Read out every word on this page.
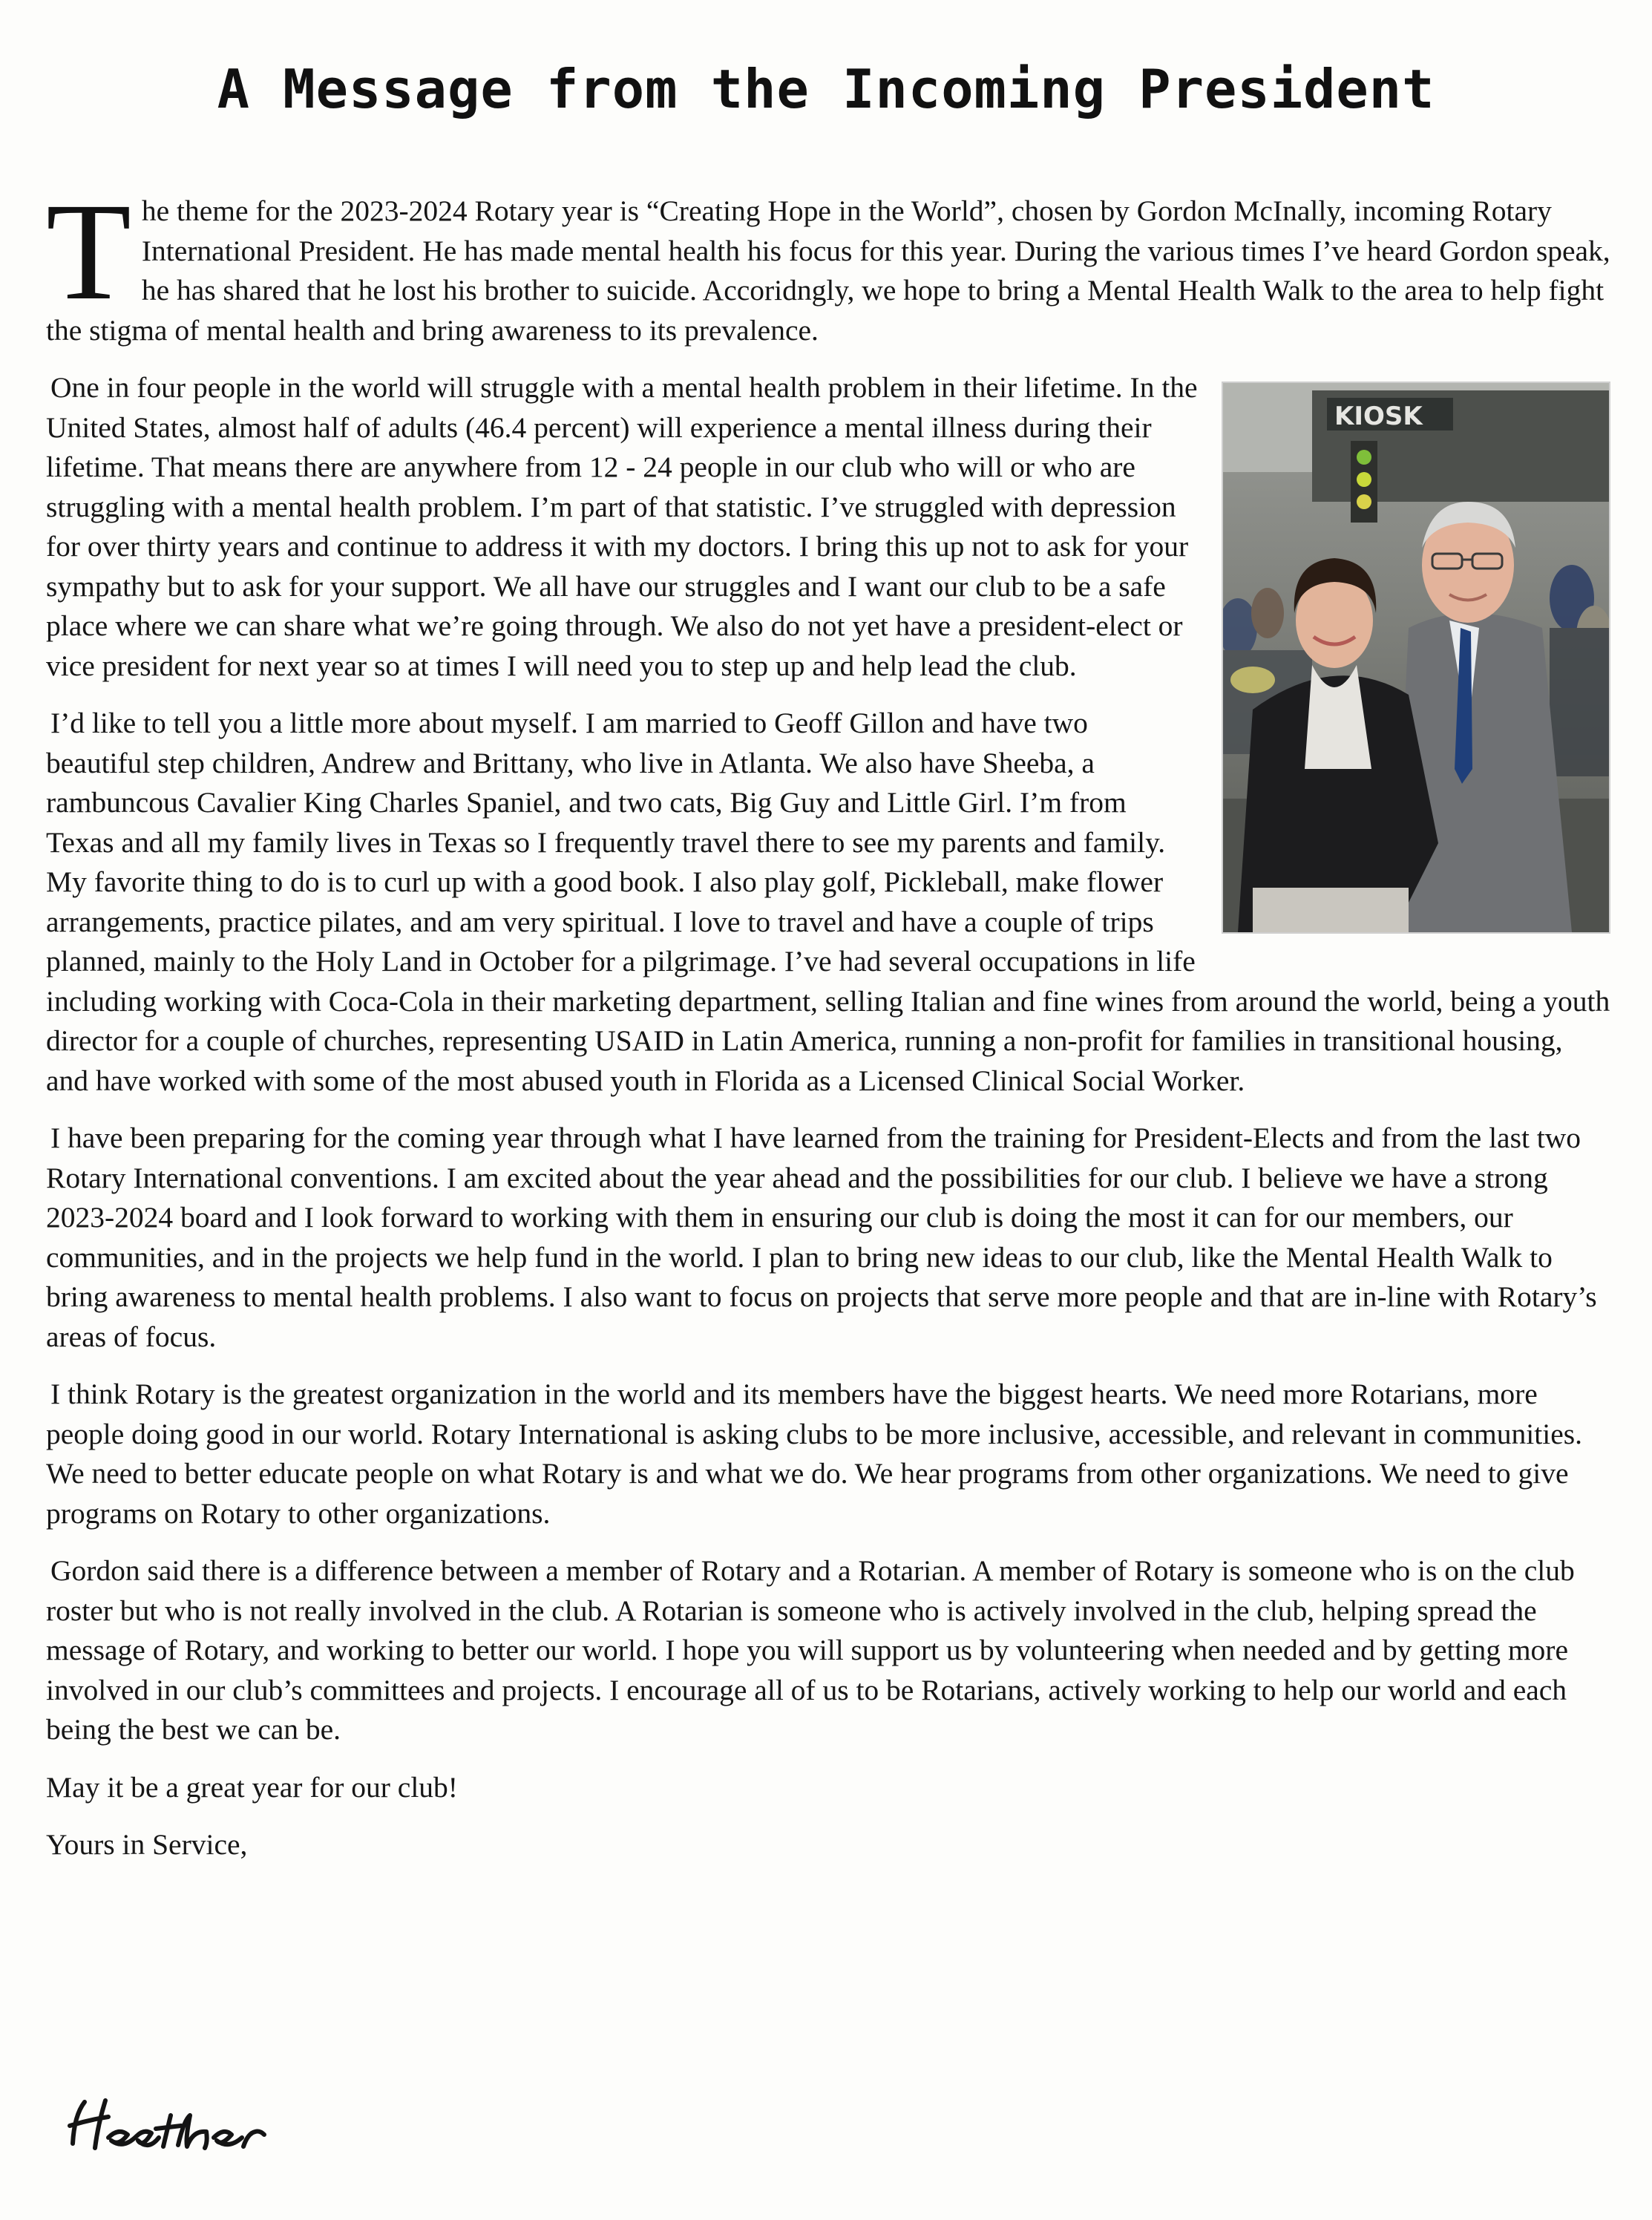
A Message from the Incoming President

The theme for the 2023-2024 Rotary year is “Creating Hope in the World”, chosen by Gordon McInally, incoming Rotary International President. He has made mental health his focus for this year. During the various times I’ve heard Gordon speak, he has shared that he lost his brother to suicide. Accoridngly, we hope to bring a Mental Health Walk to the area to help fight the stigma of mental health and bring awareness to its prevalence.

KIOSK
One in four people in the world will struggle with a mental health problem in their lifetime. In the United States, almost half of adults (46.4 percent) will experience a mental illness during their lifetime. That means there are anywhere from 12 - 24 people in our club who will or who are struggling with a mental health problem. I’m part of that statistic. I’ve struggled with depression for over thirty years and continue to address it with my doctors. I bring this up not to ask for your sympathy but to ask for your support. We all have our struggles and I want our club to be a safe place where we can share what we’re going through. We also do not yet have a president-elect or vice president for next year so at times I will need you to step up and help lead the club.

I’d like to tell you a little more about myself. I am married to Geoff Gillon and have two beautiful step children, Andrew and Brittany, who live in Atlanta. We also have Sheeba, a rambuncous Cavalier King Charles Spaniel, and two cats, Big Guy and Little Girl. I’m from Texas and all my family lives in Texas so I frequently travel there to see my parents and family. My favorite thing to do is to curl up with a good book. I also play golf, Pickleball, make flower arrangements, practice pilates, and am very spiritual. I love to travel and have a couple of trips planned, mainly to the Holy Land in October for a pilgrimage. I’ve had several occupations in life including working with Coca-Cola in their marketing department, selling Italian and fine wines from around the world, being a youth director for a couple of churches, representing USAID in Latin America, running a non-profit for families in transitional housing, and have worked with some of the most abused youth in Florida as a Licensed Clinical Social Worker.

I have been preparing for the coming year through what I have learned from the training for President-Elects and from the last two Rotary International conventions. I am excited about the year ahead and the possibilities for our club. I believe we have a strong 2023-2024 board and I look forward to working with them in ensuring our club is doing the most it can for our members, our communities, and in the projects we help fund in the world. I plan to bring new ideas to our club, like the Mental Health Walk to bring awareness to mental health problems. I also want to focus on projects that serve more people and that are in-line with Rotary’s areas of focus.

I think Rotary is the greatest organization in the world and its members have the biggest hearts. We need more Rotarians, more people doing good in our world. Rotary International is asking clubs to be more inclusive, accessible, and relevant in communities. We need to better educate people on what Rotary is and what we do. We hear programs from other organizations. We need to give programs on Rotary to other organizations.

Gordon said there is a difference between a member of Rotary and a Rotarian. A member of Rotary is someone who is on the club roster but who is not really involved in the club. A Rotarian is someone who is actively involved in the club, helping spread the message of Rotary, and working to better our world. I hope you will support us by volunteering when needed and by getting more involved in our club’s committees and projects. I encourage all of us to be Rotarians, actively working to help our world and each being the best we can be.

May it be a great year for our club!

Yours in Service,
